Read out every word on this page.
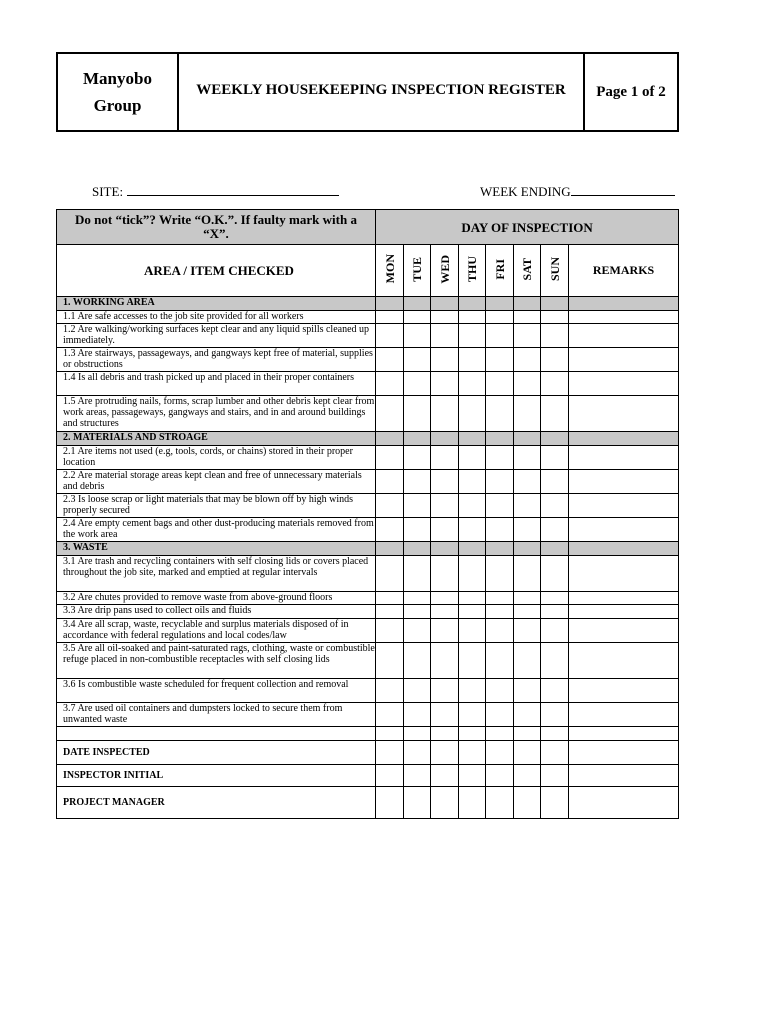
Manyobo
Group
WEEKLY HOUSEKEEPING INSPECTION REGISTER	Page 1 of 2
SITE:	WEEK ENDING
Do not “tick”? Write “O.K.”. If faulty mark with a “X”.	DAY OF INSPECTION							
AREA / ITEM CHECKED	MON	TUE	WED	THU	FRI	SAT	SUN	REMARKS
1. WORKING AREA								
1.1 Are safe accesses to the job site provided for all workers								
1.2 Are walking/working surfaces kept clear and any liquid spills cleaned up immediately.								
1.3 Are stairways, passageways, and gangways kept free of material, supplies or obstructions								
1.4 Is all debris and trash picked up and placed in their proper containers								
1.5 Are protruding nails, forms, scrap lumber and other debris kept clear from work areas, passageways, gangways and stairs, and in and around buildings and structures								
2. MATERIALS AND STROAGE								
2.1 Are items not used (e.g, tools, cords, or chains) stored in their proper location								
2.2 Are material storage areas kept clean and free of unnecessary materials and debris								
2.3 Is loose scrap or light materials that may be blown off by high winds properly secured								
2.4 Are empty cement bags and other dust-producing materials removed from the work area								
3. WASTE								
3.1 Are trash and recycling containers with self closing lids or covers placed throughout the job site, marked and emptied at regular intervals								
3.2 Are chutes provided to remove waste from above-ground floors								
3.3 Are drip pans used to collect oils and fluids								
3.4 Are all scrap, waste, recyclable and surplus materials disposed of in accordance with federal regulations and local codes/law								
3.5 Are all oil-soaked and paint-saturated rags, clothing, waste or combustible refuge placed in non-combustible receptacles with self closing lids								
3.6 Is combustible waste scheduled for frequent collection and removal								
3.7 Are used oil containers and dumpsters locked to secure them from unwanted waste								

DATE INSPECTED								
INSPECTOR INITIAL								
PROJECT MANAGER								
